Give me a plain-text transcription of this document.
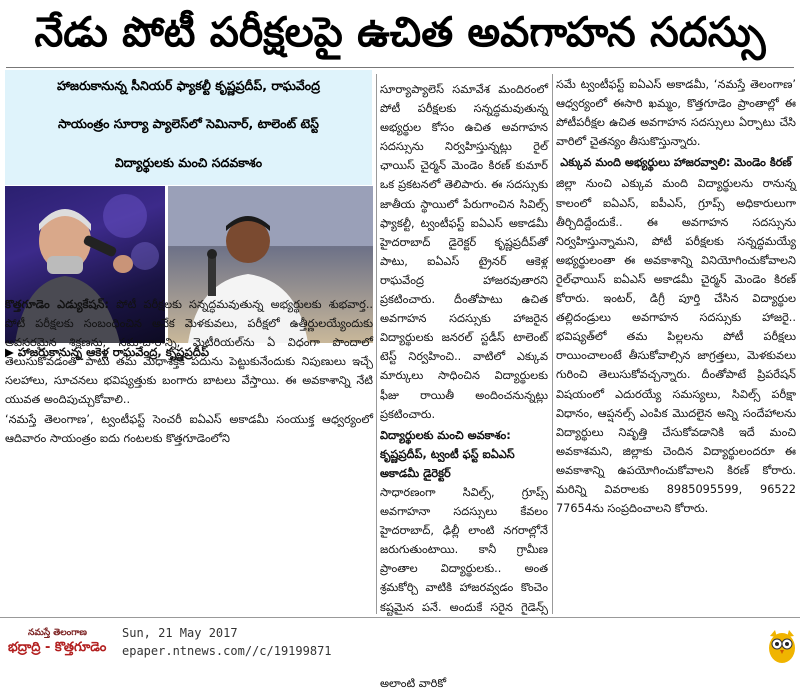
నేడు పోటీ పరీక్షలపై ఉచిత అవగాహన సదస్సు
హాజరుకానున్న సీనియర్ ఫ్యాకల్టీ కృష్ణప్రదీప్, రాఘవేంద్ర
సాయంత్రం సూర్యా ప్యాలెస్‌లో సెమినార్, టాలెంట్ టెస్ట్
విద్యార్థులకు మంచి సదవకాశం
▶ హాజరుకానున్న ఆకెళ్ల రాఘవేంద్ర, కృష్ణప్రదీప్

కొత్తగూడెం ఎడ్యుకేషన్: పోటీ పరీక్షలకు సన్నద్ధమవుతున్న అభ్యర్థులకు శుభవార్త.. పోటీ పరీక్షలకు సంబంధించిన అనేక మెళకువలు, పరీక్షలో ఉత్తీర్ణులయ్యేందుకు అవసరమైన శిక్షణను, సమాచారాన్ని, మెటీరియల్‌ను ఏ విధంగా పొందాలో తెలుసుకోవడంతో పాటు తమ మేధాశక్తికి పదును పెట్టుకునేందుకు నిపుణులు ఇచ్చే సలహాలు, సూచనలు భవిష్యత్తుకు బంగారు బాటలు వేస్తాయి. ఈ అవకాశాన్ని నేటి యువత అందిపుచ్చుకోవాలి..

‘నమస్తే తెలంగాణ’, ట్వంటీఫస్ట్ సెంచరీ ఐఏఎస్ అకాడమీ సంయుక్త ఆధ్వర్యంలో ఆదివారం సాయంత్రం ఐదు గంటలకు కొత్తగూడెంలోని

సూర్యాప్యాలెస్ సమావేశ మందిరంలో పోటీ పరీక్షలకు సన్నద్ధమవుతున్న అభ్యర్థుల కోసం ఉచిత అవగాహన సదస్సును నిర్వహిస్తున్నట్లు రైల్ ఛాయిస్ చైర్మన్ మెండెం కిరణ్ కుమార్ ఒక ప్రకటనలో తెలిపారు. ఈ సదస్సుకు జాతీయ స్థాయిలో పేరుగాంచిన సివిల్స్ ఫ్యాకల్టీ, ట్వంటీఫస్ట్ ఐఏఎస్ అకాడమీ హైదరాబాద్ డైరెక్టర్ కృష్ణప్రదీప్‌తో పాటు, ఐఏఎస్ ట్రైనర్ ఆకెళ్ల రాఘవేంద్ర హాజరవుతారని ప్రకటించారు. దీంతోపాటు ఉచిత అవగాహన సదస్సుకు హాజరైన విద్యార్థులకు జనరల్ స్టడీస్ టాలెంట్ టెస్ట్ నిర్వహించి.. వాటిలో ఎక్కువ మార్కులు సాధించిన విద్యార్థులకు ఫీజు రాయితీ అందించనున్నట్లు ప్రకటించారు.

విద్యార్థులకు మంచి అవకాశం: కృష్ణప్రదీప్, ట్వంటీ ఫస్ట్ ఐఏఎస్ అకాడమీ డైరెక్టర్

సాధారణంగా సివిల్స్, గ్రూప్స్ అవగాహనా సదస్సులు కేవలం హైదరాబాద్, ఢిల్లీ లాంటి నగరాల్లోనే జరుగుతుంటాయి. కానీ గ్రామీణ ప్రాంతాల విద్యార్థులకు.. అంత శ్రమకోర్చి వాటికి హాజరవ్వడం కొంచెం కష్టమైన పనే. అందుకే సరైన గైడెన్స్ అలాంటి వారికో

సమే ట్వంటీఫస్ట్ ఐఏఎస్ అకాడమీ, ‘నమస్తే తెలంగాణ’ ఆధ్వర్యంలో ఈసారి ఖమ్మం, కొత్తగూడెం ప్రాంతాల్లో ఈ పోటీపరీక్షల ఉచిత అవగాహన సదస్సులు ఏర్పాటు చేసి వారిలో చైతన్యం తీసుకొస్తున్నారు.

ఎక్కువ మంది అభ్యర్థులు హాజరవ్వాలి: మెండెం కిరణ్

జిల్లా నుంచి ఎక్కువ మంది విద్యార్థులను రానున్న కాలంలో ఐఏఎస్, ఐపీఎస్, గ్రూప్స్ అధికారులుగా తీర్చిదిద్దేందుకే.. ఈ అవగాహన సదస్సును నిర్వహిస్తున్నామని, పోటీ పరీక్షలకు సన్నద్ధమయ్యే అభ్యర్థులంతా ఈ అవకాశాన్ని వినియోగించుకోవాలని రైల్‌ఛాయిస్ ఐఏఎస్ అకాడమీ చైర్మన్ మెండెం కిరణ్ కోరారు. ఇంటర్, డిగ్రీ పూర్తి చేసిన విద్యార్థుల తల్లిదండ్రులు అవగాహన సదస్సుకు హాజరై.. భవిష్యత్‌లో తమ పిల్లలను పోటీ పరీక్షలు రాయించాలంటే తీసుకోవాల్సిన జాగ్రత్తలు, మెళకువలు గురించి తెలుసుకోవచ్చన్నారు. దీంతోపాటే ప్రిపరేషన్ విషయంలో ఎదురయ్యే సమస్యలు, సివిల్స్ పరీక్షా విధానం, ఆప్షనల్స్ ఎంపిక మొదలైన అన్ని సందేహాలను విద్యార్థులు నివృత్తి చేసుకోవడానికి ఇదే మంచి అవకాశమని, జిల్లాకు చెందిన విద్యార్థులందరూ ఈ అవకాశాన్ని ఉపయోగించుకోవాలని కిరణ్ కోరారు. మరిన్ని వివరాలకు 8985095599, 96522 77654ను సంప్రదించాలని కోరారు.

నమస్తే తెలంగాణ
భద్రాద్రి - కొత్తగూడెం
Sun, 21 May 2017
epaper.ntnews.com//c/19199871
